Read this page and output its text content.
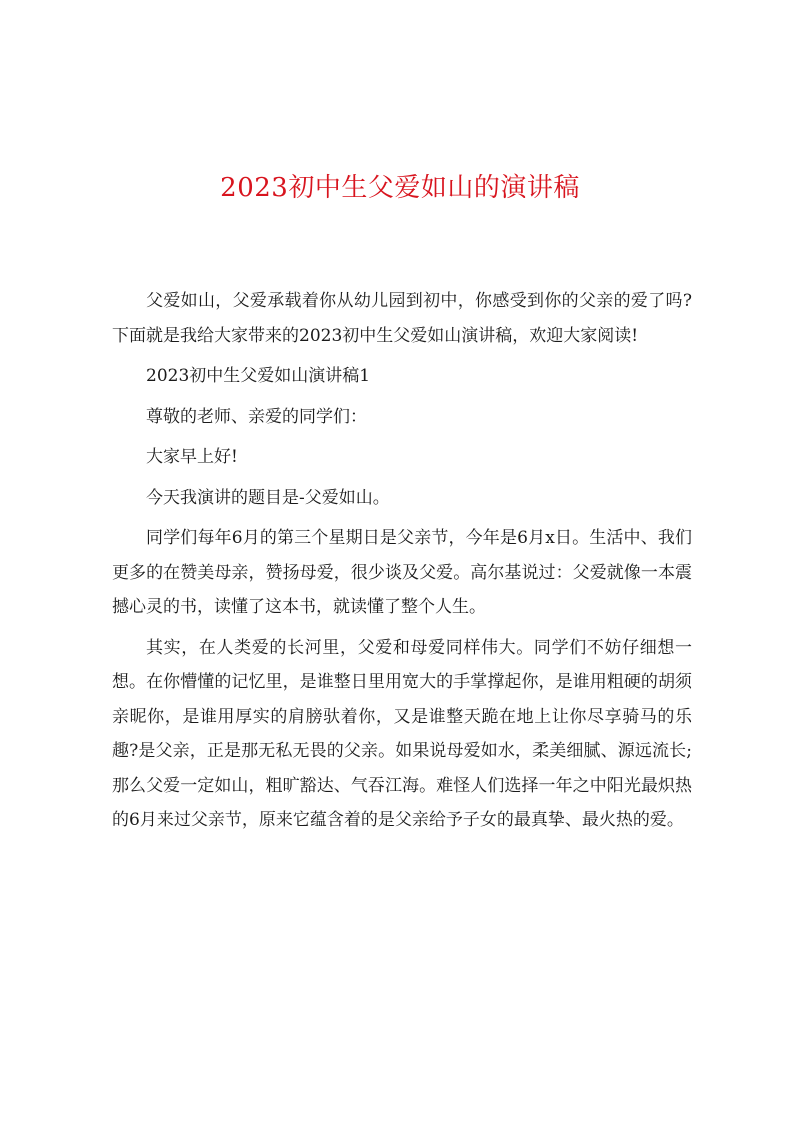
2023初中生父爱如山的演讲稿

父爱如山，父爱承载着你从幼儿园到初中，你感受到你的父亲的爱了吗? 下面就是我给大家带来的2023初中生父爱如山演讲稿，欢迎大家阅读!

2023初中生父爱如山演讲稿1

尊敬的老师、亲爱的同学们：

大家早上好!

今天我演讲的题目是-父爱如山。

同学们每年6月的第三个星期日是父亲节，今年是6月x日。生活中、我们更多的在赞美母亲，赞扬母爱，很少谈及父爱。高尔基说过：父爱就像一本震撼心灵的书，读懂了这本书，就读懂了整个人生。

其实，在人类爱的长河里，父爱和母爱同样伟大。同学们不妨仔细想一想。在你懵懂的记忆里，是谁整日里用宽大的手掌撑起你，是谁用粗硬的胡须亲昵你，是谁用厚实的肩膀驮着你，又是谁整天跪在地上让你尽享骑马的乐趣?是父亲，正是那无私无畏的父亲。如果说母爱如水，柔美细腻、源远流长;那么父爱一定如山，粗旷豁达、气吞江海。难怪人们选择一年之中阳光最炽热的6月来过父亲节，原来它蕴含着的是父亲给予子女的最真挚、最火热的爱。
